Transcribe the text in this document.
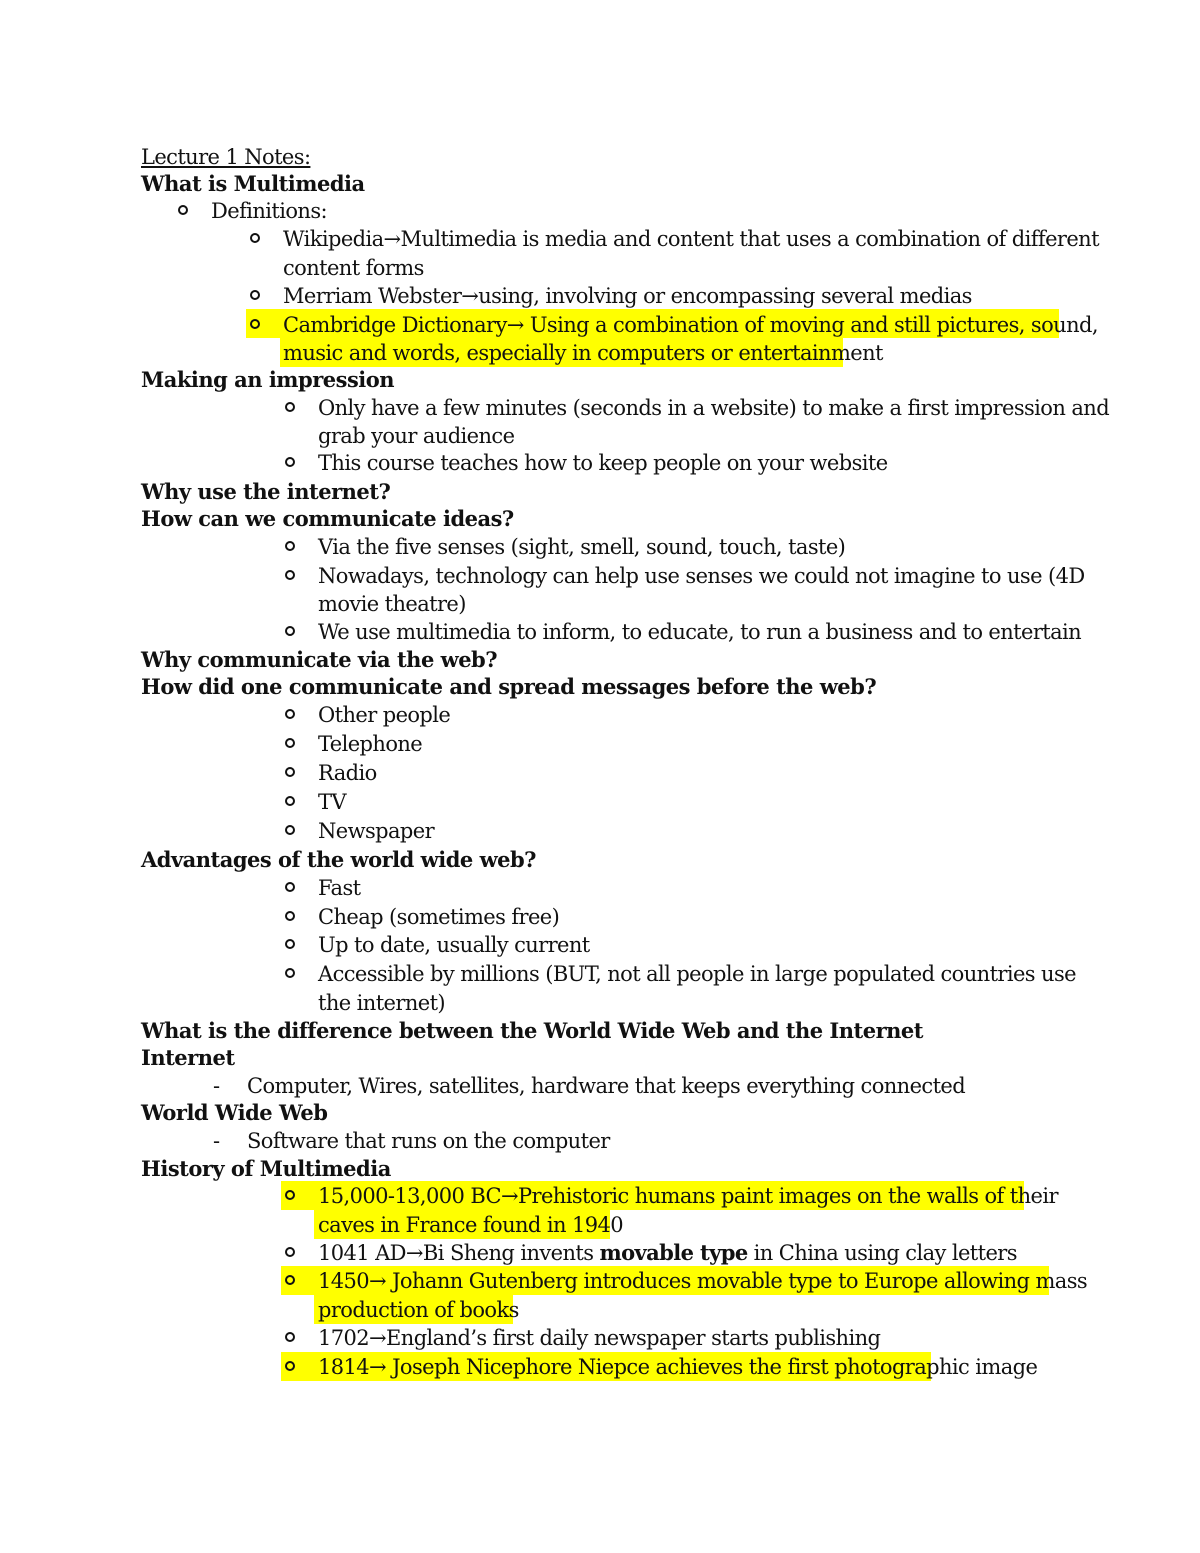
Lecture 1 Notes:
What is Multimedia
Definitions:
Wikipedia→Multimedia is media and content that uses a combination of different
content forms
Merriam Webster→using, involving or encompassing several medias
Cambridge Dictionary→ Using a combination of moving and still pictures, sound,
music and words, especially in computers or entertainment
Making an impression
Only have a few minutes (seconds in a website) to make a first impression and
grab your audience
This course teaches how to keep people on your website
Why use the internet?
How can we communicate ideas?
Via the five senses (sight, smell, sound, touch, taste)
Nowadays, technology can help use senses we could not imagine to use (4D
movie theatre)
We use multimedia to inform, to educate, to run a business and to entertain
Why communicate via the web?
How did one communicate and spread messages before the web?
Other people
Telephone
Radio
TV
Newspaper
Advantages of the world wide web?
Fast
Cheap (sometimes free)
Up to date, usually current
Accessible by millions (BUT, not all people in large populated countries use
the internet)
What is the difference between the World Wide Web and the Internet
Internet
- Computer, Wires, satellites, hardware that keeps everything connected
World Wide Web
- Software that runs on the computer
History of Multimedia
15,000-13,000 BC→Prehistoric humans paint images on the walls of their
caves in France found in 1940
1041 AD→Bi Sheng invents movable type in China using clay letters
1450→ Johann Gutenberg introduces movable type to Europe allowing mass
production of books
1702→England’s first daily newspaper starts publishing
1814→ Joseph Nicephore Niepce achieves the first photographic image
